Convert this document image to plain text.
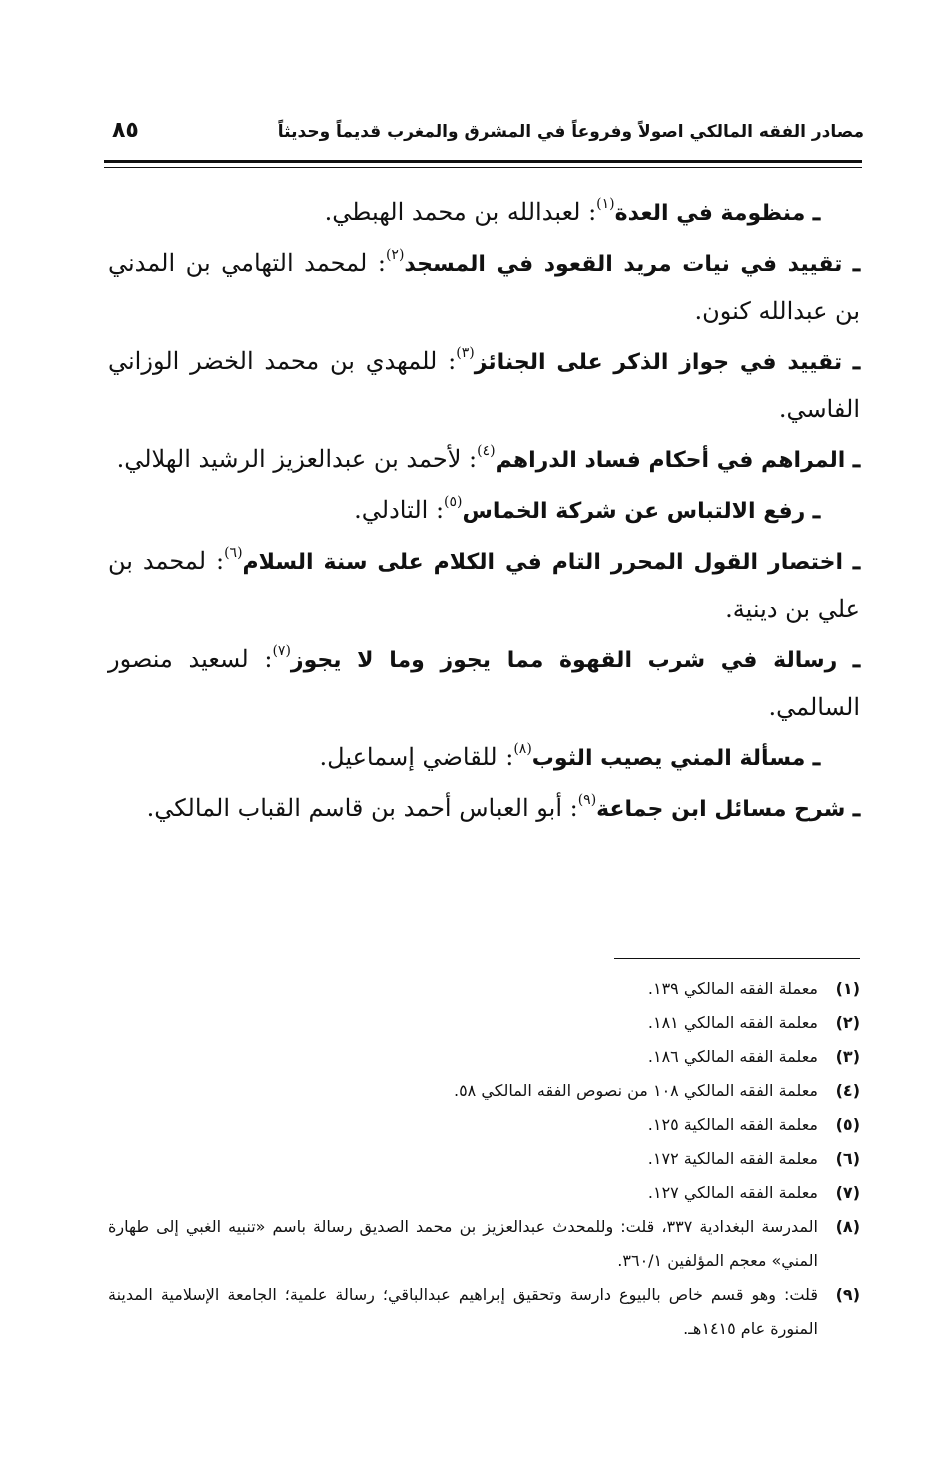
مصادر الفقه المالكي اصولاً وفروعاً في المشرق والمغرب قديماً وحديثاً
٨٥

ـ منظومة في العدة$^{(١)}$: لعبدالله بن محمد الهبطي.

ـ تقييد في نيات مريد القعود في المسجد$^{(٢)}$: لمحمد التهامي بن المدني بن عبدالله كنون.

ـ تقييد في جواز الذكر على الجنائز$^{(٣)}$: للمهدي بن محمد الخضر الوزاني الفاسي.

ـ المراهم في أحكام فساد الدراهم$^{(٤)}$: لأحمد بن عبدالعزيز الرشيد الهلالي.

ـ رفع الالتباس عن شركة الخماس$^{(٥)}$: التادلي.

ـ اختصار القول المحرر التام في الكلام على سنة السلام$^{(٦)}$: لمحمد بن علي بن دينية.

ـ رسالة في شرب القهوة مما يجوز وما لا يجوز$^{(٧)}$: لسعيد منصور السالمي.

ـ مسألة المني يصيب الثوب$^{(٨)}$: للقاضي إسماعيل.

ـ شرح مسائل ابن جماعة$^{(٩)}$: أبو العباس أحمد بن قاسم القباب المالكي.

(١)
معملة الفقه المالكي ١٣٩.
(٢)
معلمة الفقه المالكي ١٨١.
(٣)
معلمة الفقه المالكي ١٨٦.
(٤)
معلمة الفقه المالكي ١٠٨ من نصوص الفقه المالكي ٥٨.
(٥)
معلمة الفقه المالكية ١٢٥.
(٦)
معلمة الفقه المالكية ١٧٢.
(٧)
معلمة الفقه المالكي ١٢٧.
(٨)
المدرسة البغدادية ٣٣٧، قلت: وللمحدث عبدالعزيز بن محمد الصديق رسالة باسم «تنبيه الغبي إلى طهارة المني» معجم المؤلفين ٣٦٠/١.
(٩)
قلت: وهو قسم خاص بالبيوع دارسة وتحقيق إبراهيم عبدالباقي؛ رسالة علمية؛ الجامعة الإسلامية المدينة المنورة عام ١٤١٥هـ.
